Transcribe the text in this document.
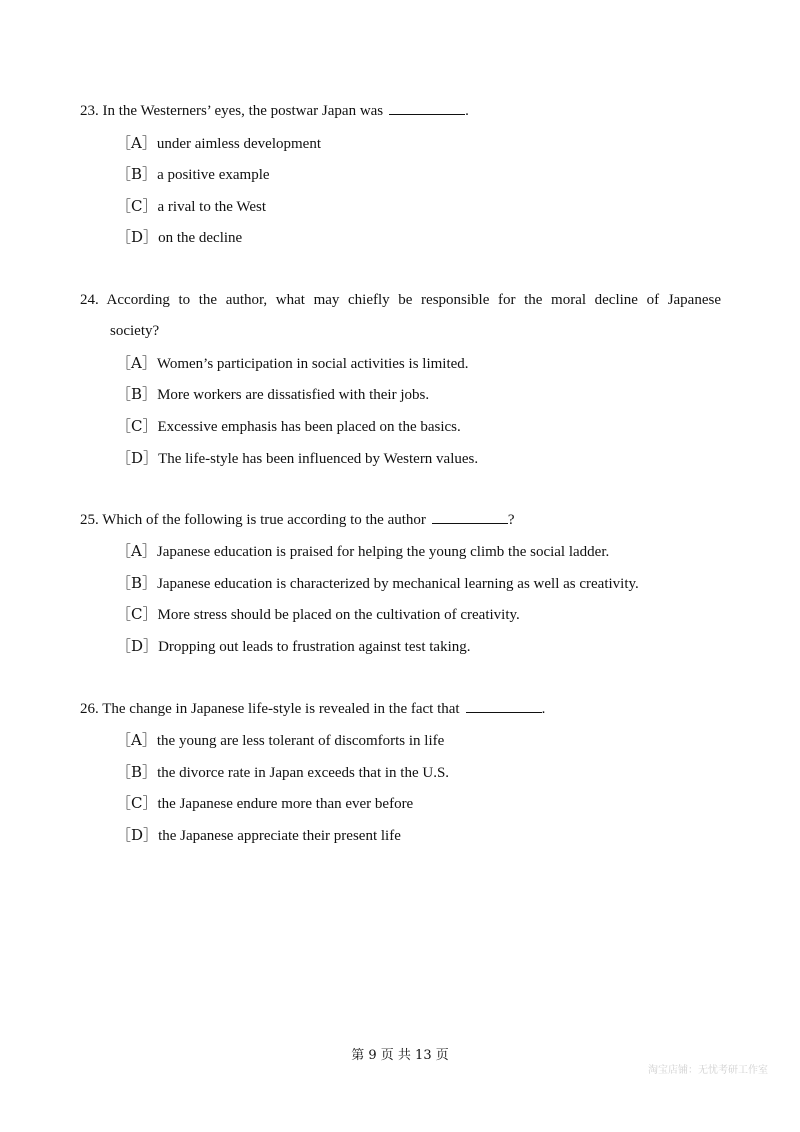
23. In the Westerners’ eyes, the postwar Japan was	.
［A］under aimless development
［B］a positive example
［C］a rival to the West
［D］on the decline
24. According to the author, what may chiefly be responsible for the moral decline of Japanese
society?
［A］Women’s participation in social activities is limited.
［B］More workers are dissatisfied with their jobs.
［C］Excessive emphasis has been placed on the basics.
［D］The life-style has been influenced by Western values.
25. Which of the following is true according to the author	?
［A］Japanese education is praised for helping the young climb the social ladder.
［B］Japanese education is characterized by mechanical learning as well as creativity.
［C］More stress should be placed on the cultivation of creativity.
［D］Dropping out leads to frustration against test taking.
26. The change in Japanese life-style is revealed in the fact that	.
［A］the young are less tolerant of discomforts in life
［B］the divorce rate in Japan exceeds that in the U.S.
［C］the Japanese endure more than ever before
［D］the Japanese appreciate their present life
第 9 页 共 13 页
淘宝店铺：无忧考研工作室
